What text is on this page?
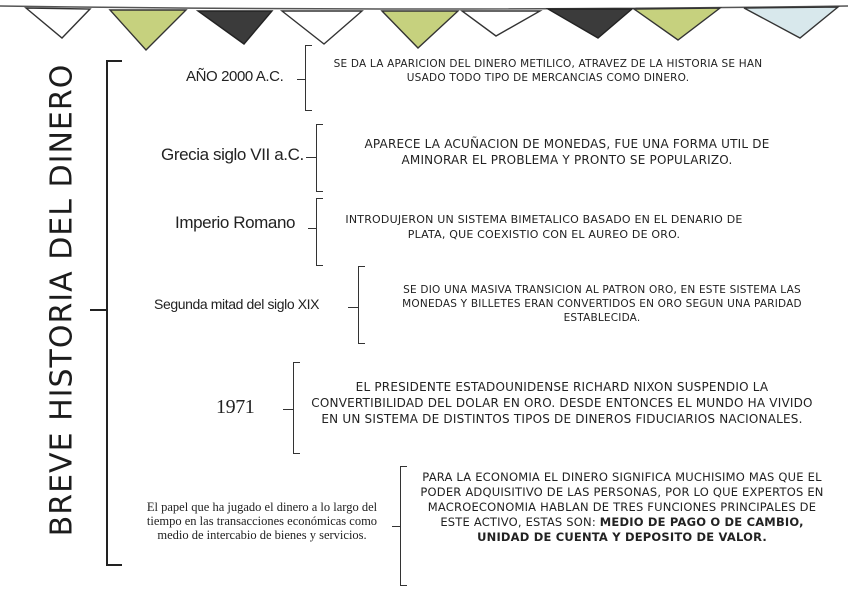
BREVE HISTORIA DEL DINERO	AÑO 2000 A.C.
SE DA LA APARICION DEL DINERO METILICO, ATRAVEZ DE LA HISTORIA SE HAN USADO TODO TIPO DE MERCANCIAS COMO DINERO.
Grecia siglo VII a.C.
APARECE LA ACUÑACION DE MONEDAS, FUE UNA FORMA UTIL DE AMINORAR EL PROBLEMA Y PRONTO SE POPULARIZO.
Imperio Romano	INTRODUJERON UN SISTEMA BIMETALICO BASADO EN EL DENARIO DE PLATA, QUE COEXISTIO CON EL AUREO DE ORO.
Segunda mitad del siglo XIX
SE DIO UNA MASIVA TRANSICION AL PATRON ORO, EN ESTE SISTEMA LAS MONEDAS Y BILLETES ERAN CONVERTIDOS EN ORO SEGUN UNA PARIDAD ESTABLECIDA.
1971
EL PRESIDENTE ESTADOUNIDENSE RICHARD NIXON SUSPENDIO LA CONVERTIBILIDAD DEL DOLAR EN ORO. DESDE ENTONCES EL MUNDO HA VIVIDO EN UN SISTEMA DE DISTINTOS TIPOS DE DINEROS FIDUCIARIOS NACIONALES.
El papel que ha jugado el dinero a lo largo del tiempo en las transacciones económicas como medio de intercabio de bienes y servicios.
PARA LA ECONOMIA EL DINERO SIGNIFICA MUCHISIMO MAS QUE EL PODER ADQUISITIVO DE LAS PERSONAS, POR LO QUE EXPERTOS EN MACROECONOMIA HABLAN DE TRES FUNCIONES PRINCIPALES DE ESTE ACTIVO, ESTAS SON: MEDIO DE PAGO O DE CAMBIO, UNIDAD DE CUENTA Y DEPOSITO DE VALOR.
